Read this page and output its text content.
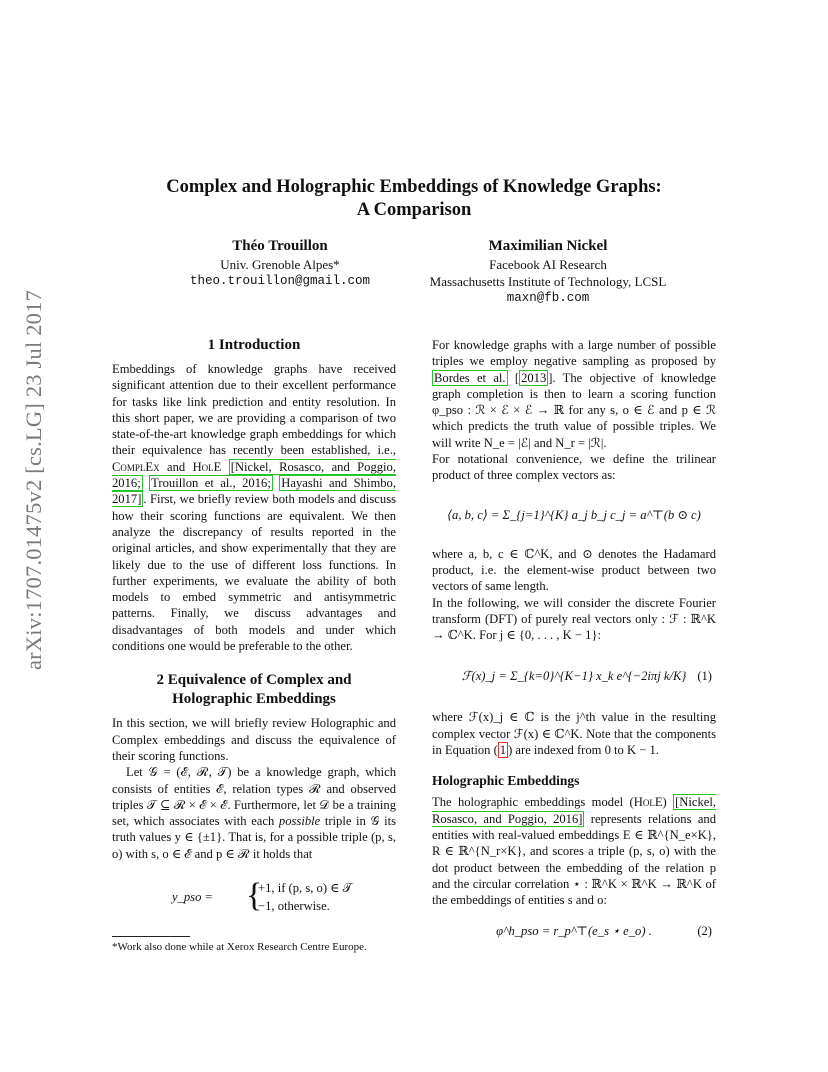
arXiv:1707.01475v2 [cs.LG] 23 Jul 2017
Complex and Holographic Embeddings of Knowledge Graphs:
A Comparison
Théo Trouillon
Univ. Grenoble Alpes*
theo.trouillon@gmail.com
Maximilian Nickel
Facebook AI Research
Massachusetts Institute of Technology, LCSL
maxn@fb.com
1 Introduction

Embeddings of knowledge graphs have received significant attention due to their excellent performance for tasks like link prediction and entity resolution. In this short paper, we are providing a comparison of two state-of-the-art knowledge graph embeddings for which their equivalence has recently been established, i.e., ComplEx and HolE [Nickel, Rosasco, and Poggio, 2016; Trouillon et al., 2016; Hayashi and Shimbo, 2017] . First, we briefly review both models and discuss how their scoring functions are equivalent. We then analyze the discrepancy of results reported in the original articles, and show experimentally that they are likely due to the use of different loss functions. In further experiments, we evaluate the ability of both models to embed symmetric and antisymmetric patterns. Finally, we discuss advantages and disadvantages of both models and under which conditions one would be preferable to the other.

2 Equivalence of Complex and
Holographic Embeddings

In this section, we will briefly review Holographic and Complex embeddings and discuss the equivalence of their scoring functions.

Let 𝒢 = (ℰ, ℛ, 𝒯) be a knowledge graph, which consists of entities ℰ, relation types ℛ and observed triples 𝒯 ⊆ ℛ × ℰ × ℰ. Furthermore, let 𝒟 be a training set, which associates with each possible triple in 𝒢 its truth values y ∈ {±1}. That is, for a possible triple (p, s, o) with s, o ∈ ℰ and p ∈ ℛ it holds that

y_pso = {
+1, if (p, s, o) ∈ 𝒯
−1, otherwise.

*Work also done while at Xerox Research Centre Europe.

For knowledge graphs with a large number of possible triples we employ negative sampling as proposed by Bordes et al. [ 2013 ]. The objective of knowledge graph completion is then to learn a scoring function φ_pso : ℛ × ℰ × ℰ → ℝ for any s, o ∈ ℰ and p ∈ ℛ which predicts the truth value of possible triples. We will write N_e = |ℰ| and N_r = |ℛ|.

For notational convenience, we define the trilinear product of three complex vectors as:

⟨a, b, c⟩ = Σ_{j=1}^{K} a_j b_j c_j = a^⊤(b ⊙ c)

where a, b, c ∈ ℂ^K, and ⊙ denotes the Hadamard product, i.e. the element-wise product between two vectors of same length.

In the following, we will consider the discrete Fourier transform (DFT) of purely real vectors only : ℱ : ℝ^K → ℂ^K. For j ∈ {0, . . . , K − 1}:

ℱ(x)_j = Σ_{k=0}^{K−1} x_k e^{−2iπj k/K} (1)

where ℱ(x)_j ∈ ℂ is the j^th value in the resulting complex vector ℱ(x) ∈ ℂ^K. Note that the components in Equation ( 1 ) are indexed from 0 to K − 1.

Holographic Embeddings

The holographic embeddings model (HolE) [Nickel, Rosasco, and Poggio, 2016] represents relations and entities with real-valued embeddings E ∈ ℝ^{N_e×K}, R ∈ ℝ^{N_r×K}, and scores a triple (p, s, o) with the dot product between the embedding of the relation p and the circular correlation ⋆ : ℝ^K × ℝ^K → ℝ^K of the embeddings of entities s and o:

φ^h_pso = r_p^⊤(e_s ⋆ e_o) .	(2)
